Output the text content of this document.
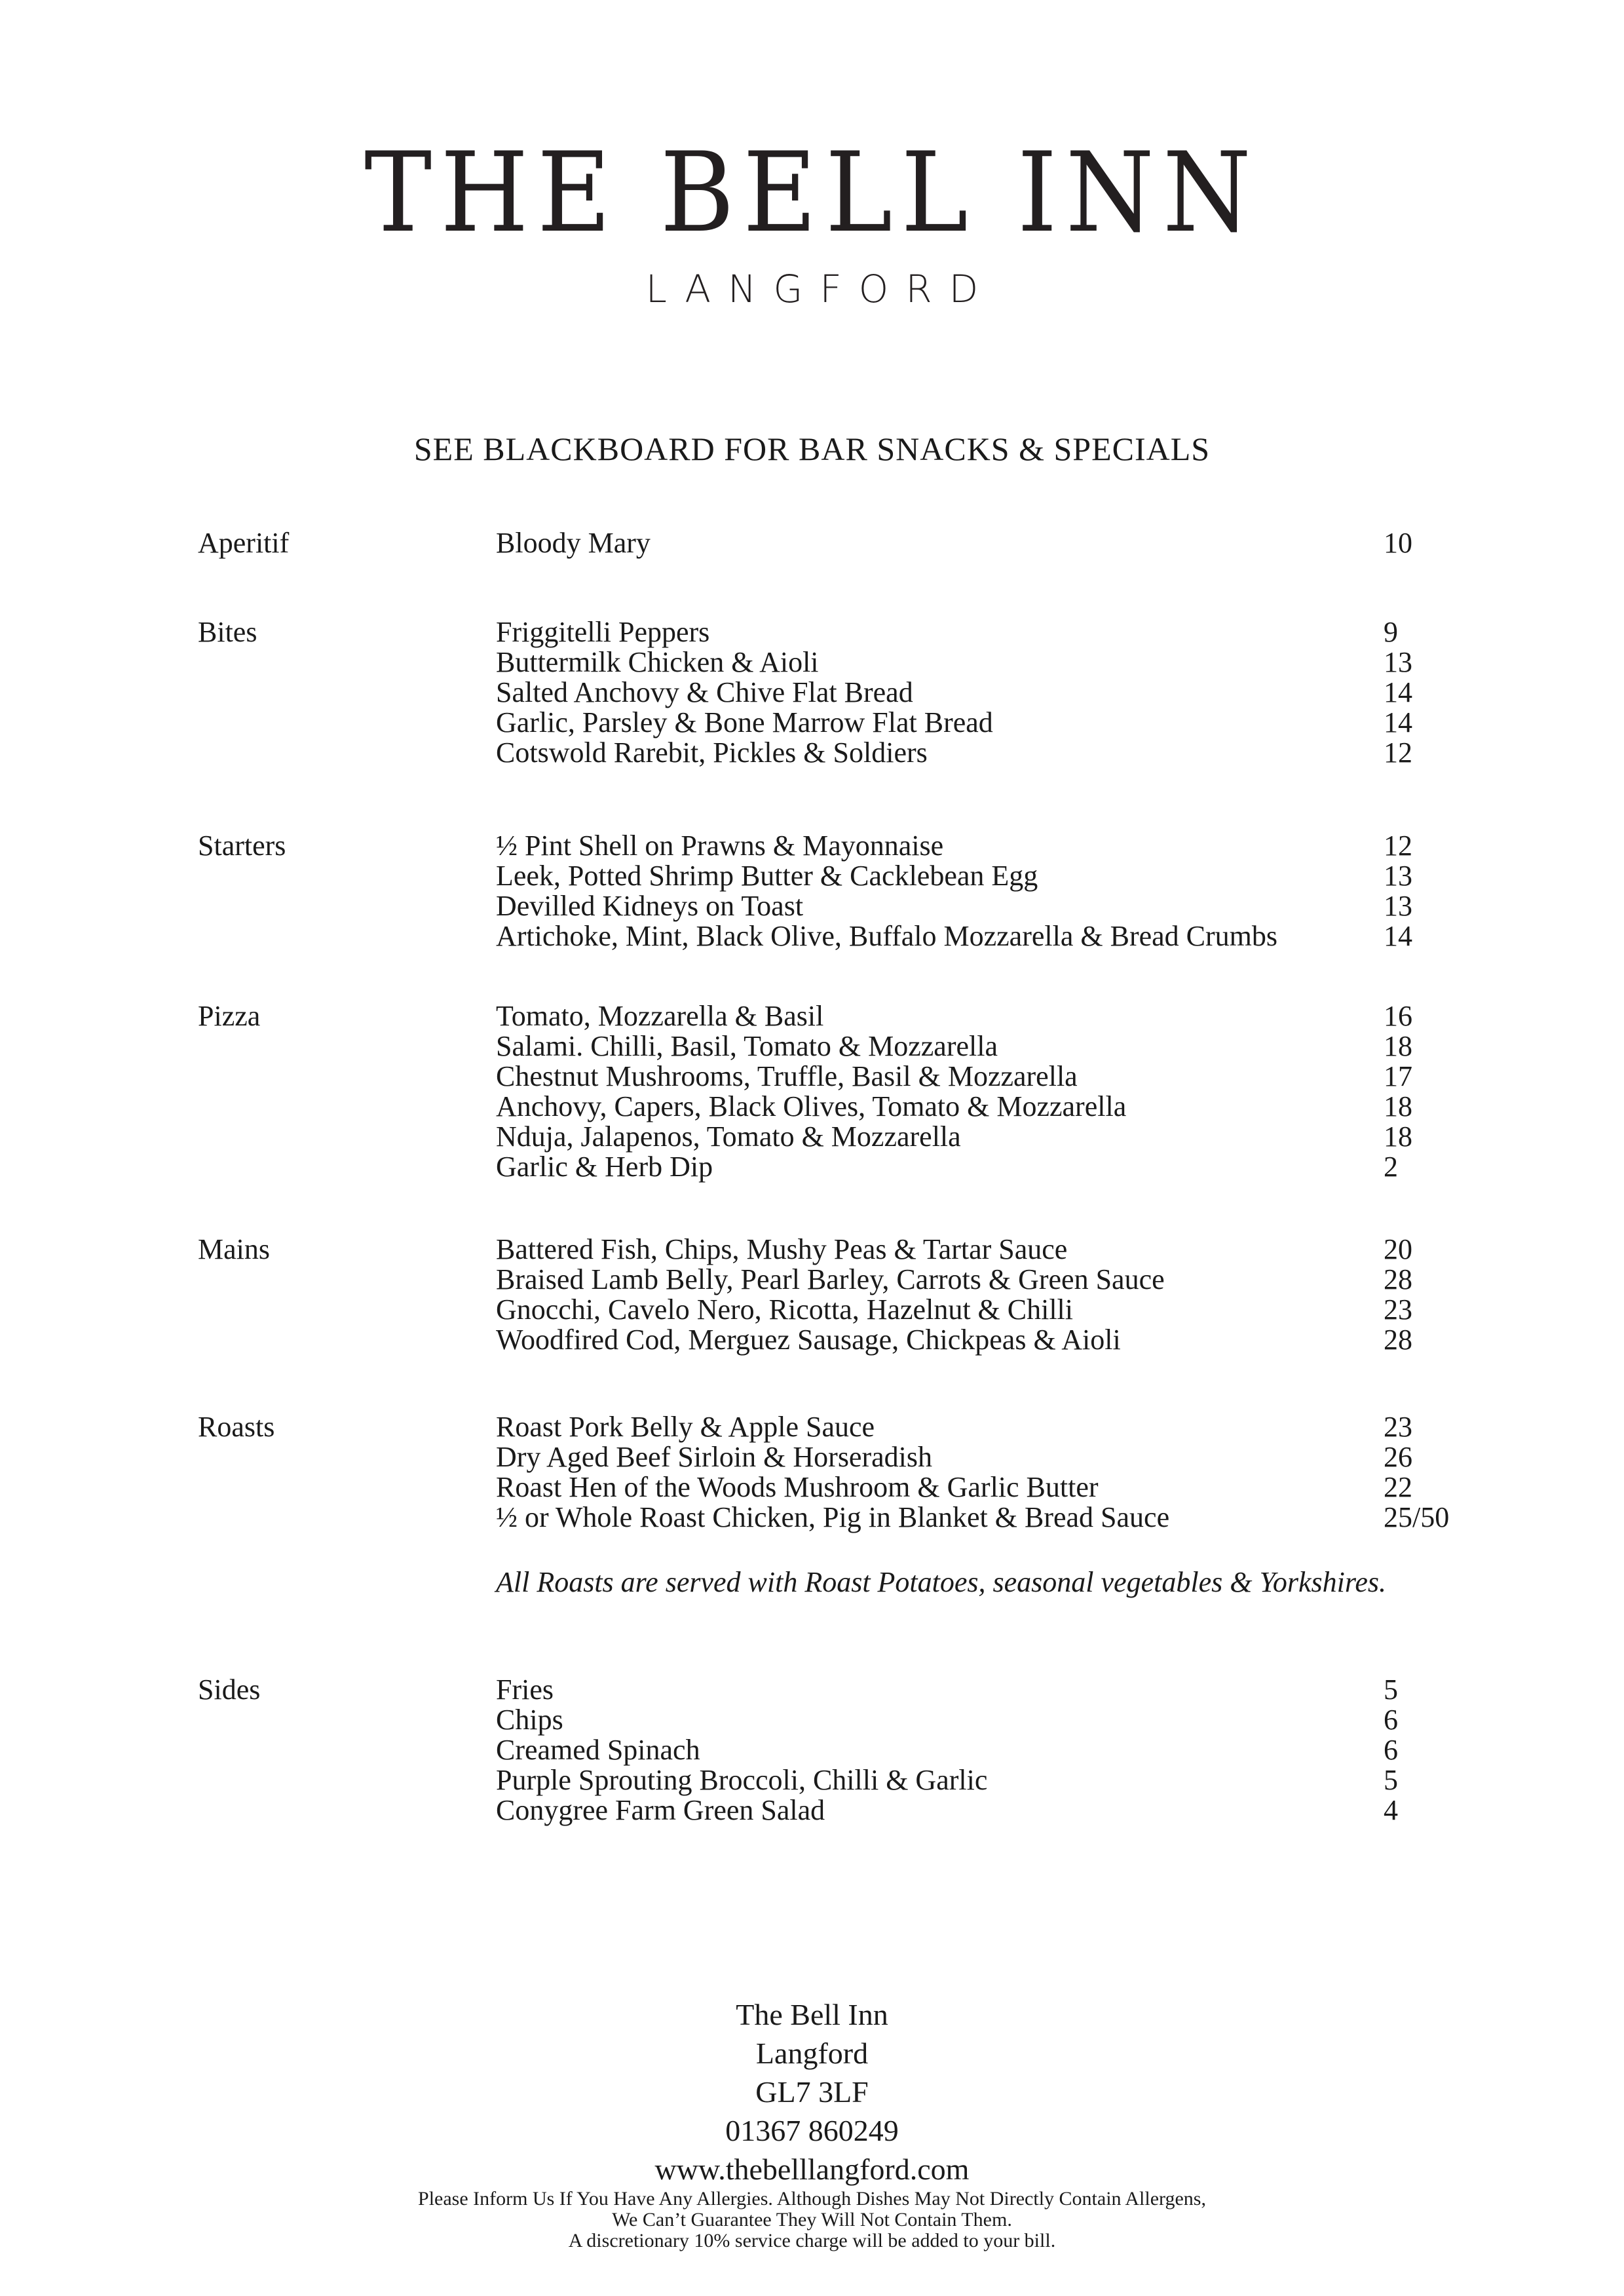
THE BELL INN
LANGFORD
SEE BLACKBOARD FOR BAR SNACKS & SPECIALS
Aperitif	Bloody Mary	10
Bites	Friggitelli Peppers	9
Buttermilk Chicken & Aioli	13
Salted Anchovy & Chive Flat Bread	14
Garlic, Parsley & Bone Marrow Flat Bread	14
Cotswold Rarebit, Pickles & Soldiers	12
Starters	½ Pint Shell on Prawns & Mayonnaise	12
Leek, Potted Shrimp Butter & Cacklebean Egg	13
Devilled Kidneys on Toast	13
Artichoke, Mint, Black Olive, Buffalo Mozzarella & Bread Crumbs	14
Pizza	Tomato, Mozzarella & Basil	16
Salami. Chilli, Basil, Tomato & Mozzarella	18
Chestnut Mushrooms, Truffle, Basil & Mozzarella	17
Anchovy, Capers, Black Olives, Tomato & Mozzarella	18
Nduja, Jalapenos, Tomato & Mozzarella	18
Garlic & Herb Dip	2
Mains	Battered Fish, Chips, Mushy Peas & Tartar Sauce	20
Braised Lamb Belly, Pearl Barley, Carrots & Green Sauce	28
Gnocchi, Cavelo Nero, Ricotta, Hazelnut & Chilli	23
Woodfired Cod, Merguez Sausage, Chickpeas & Aioli	28
Roasts	Roast Pork Belly & Apple Sauce	23
Dry Aged Beef Sirloin & Horseradish	26
Roast Hen of the Woods Mushroom & Garlic Butter	22
½ or Whole Roast Chicken, Pig in Blanket & Bread Sauce	25/50
All Roasts are served with Roast Potatoes, seasonal vegetables & Yorkshires.
Sides	Fries	5
Chips	6
Creamed Spinach	6
Purple Sprouting Broccoli, Chilli & Garlic	5
Conygree Farm Green Salad	4
The Bell Inn
Langford
GL7 3LF
01367 860249
www.thebelllangford.com
Please Inform Us If You Have Any Allergies. Although Dishes May Not Directly Contain Allergens,
We Can’t Guarantee They Will Not Contain Them.
A discretionary 10% service charge will be added to your bill.
